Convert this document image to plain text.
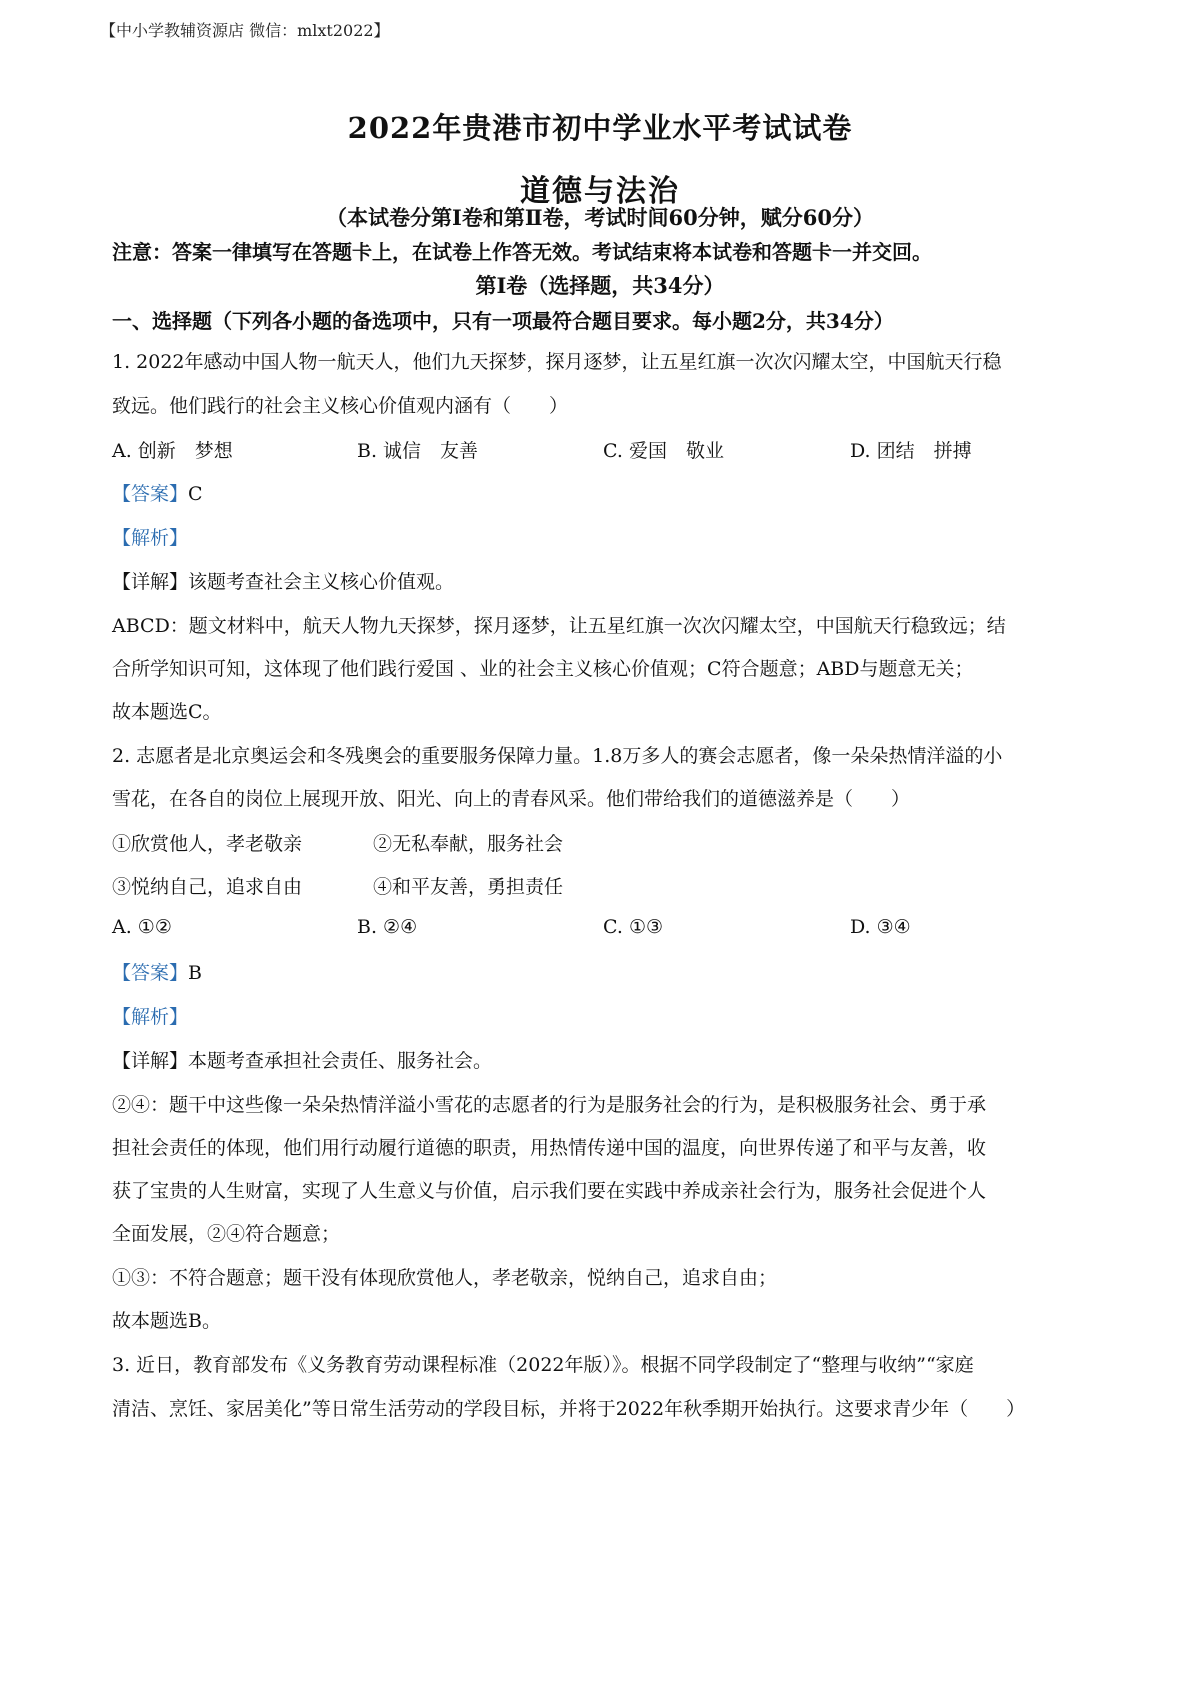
【中小学教辅资源店 微信：mlxt2022】
2022年贵港市初中学业水平考试试卷
道德与法治
（本试卷分第Ⅰ卷和第Ⅱ卷，考试时间60分钟，赋分60分）
注意：答案一律填写在答题卡上，在试卷上作答无效。考试结束将本试卷和答题卡一并交回。
第Ⅰ卷（选择题，共34分）
一、选择题（下列各小题的备选项中，只有一项最符合题目要求。每小题2分，共34分）
1. 2022年感动中国人物一航天人，他们九天探梦，探月逐梦，让五星红旗一次次闪耀太空，中国航天行稳
致远。他们践行的社会主义核心价值观内涵有（　　）
A. 创新　梦想	B. 诚信　友善	C. 爱国　敬业	D. 团结　拼搏
【答案】C
【解析】
【详解】该题考查社会主义核心价值观。
ABCD：题文材料中，航天人物九天探梦，探月逐梦，让五星红旗一次次闪耀太空，中国航天行稳致远；结
合所学知识可知，这体现了他们践行爱国 、业的社会主义核心价值观；C符合题意；ABD与题意无关；
故本题选C。
2. 志愿者是北京奥运会和冬残奥会的重要服务保障力量。1.8万多人的赛会志愿者，像一朵朵热情洋溢的小
雪花，在各自的岗位上展现开放、阳光、向上的青春风采。他们带给我们的道德滋养是（　　）
①欣赏他人，孝老敬亲	②无私奉献，服务社会
③悦纳自己，追求自由	④和平友善，勇担责任
A. ①②	B. ②④	C. ①③	D. ③④
【答案】B
【解析】
【详解】本题考查承担社会责任、服务社会。
②④：题干中这些像一朵朵热情洋溢小雪花的志愿者的行为是服务社会的行为，是积极服务社会、勇于承
担社会责任的体现，他们用行动履行道德的职责，用热情传递中国的温度，向世界传递了和平与友善，收
获了宝贵的人生财富，实现了人生意义与价值，启示我们要在实践中养成亲社会行为，服务社会促进个人
全面发展，②④符合题意；
①③：不符合题意；题干没有体现欣赏他人，孝老敬亲，悦纳自己，追求自由；
故本题选B。
3. 近日，教育部发布《义务教育劳动课程标准（2022年版）》。根据不同学段制定了“整理与收纳”“家庭
清洁、烹饪、家居美化”等日常生活劳动的学段目标，并将于2022年秋季期开始执行。这要求青少年（　　）
